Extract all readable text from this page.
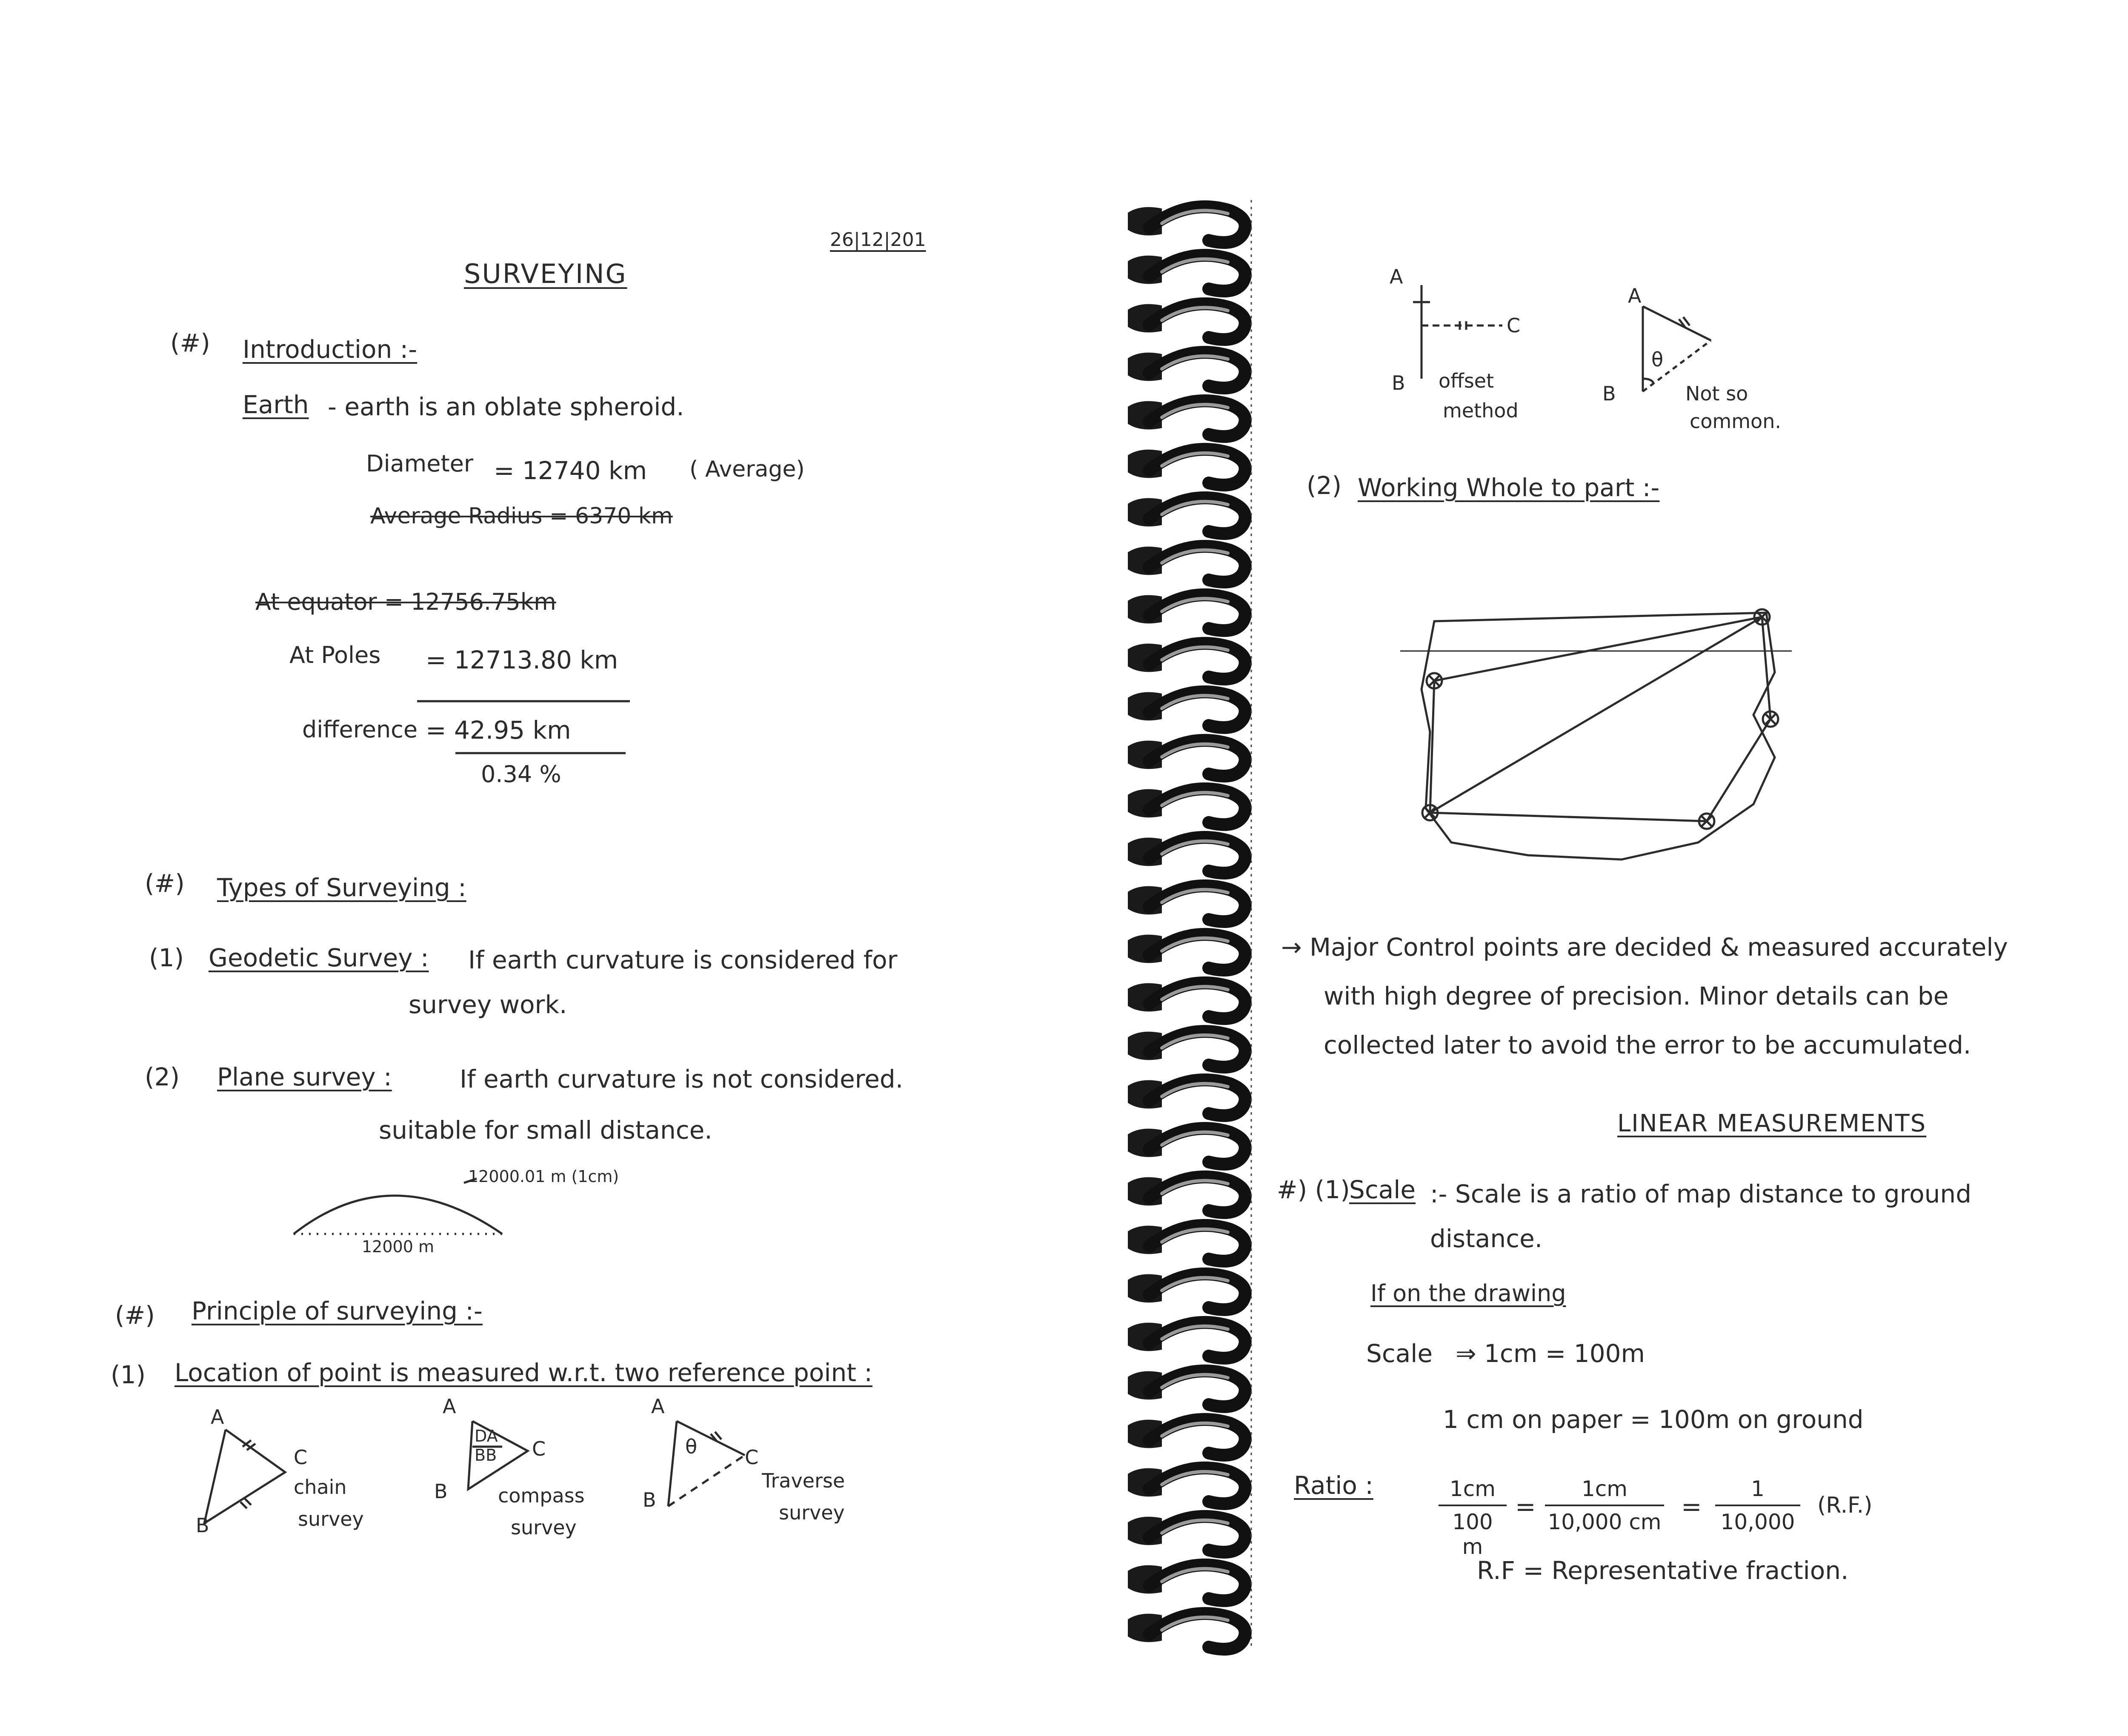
26|12|201
SURVEYING
(#) Introduction :-
Earth - earth is an oblate spheroid.
Diameter = 12740 km ( Average)
Average Radius = 6370 km
At equator = 12756.75km
At Poles = 12713.80 km
difference = 42.95 km
0.34 %
(#) Types of Surveying :
(1) Geodetic Survey : If earth curvature is considered for
survey work.
(2) Plane survey :	If earth curvature is not considered.
suitable for small distance.
12000.01 m (1cm)
12000 m
(#) Principle of surveying :-
(1) Location of point is measured w.r.t. two reference point :
A
C
B
chain
survey
A
DA
BB C
B	compass
survey
A
θ C
B
Traverse
survey
A
B
C
offset
method
A
B
θ
Not so
common.
(2) Working Whole to part :-
→ Major Control points are decided & measured accurately
with high degree of precision. Minor details can be
collected later to avoid the error to be accumulated.
LINEAR MEASUREMENTS
#) (1)
Scale :- Scale is a ratio of map distance to ground
distance.
If on the drawing
Scale ⇒ 1cm = 100m
1 cm on paper = 100m on ground
Ratio :	1cm
100 m
=
1cm
10,000 cm
=
1
10,000
(R.F.)
R.F = Representative fraction.
